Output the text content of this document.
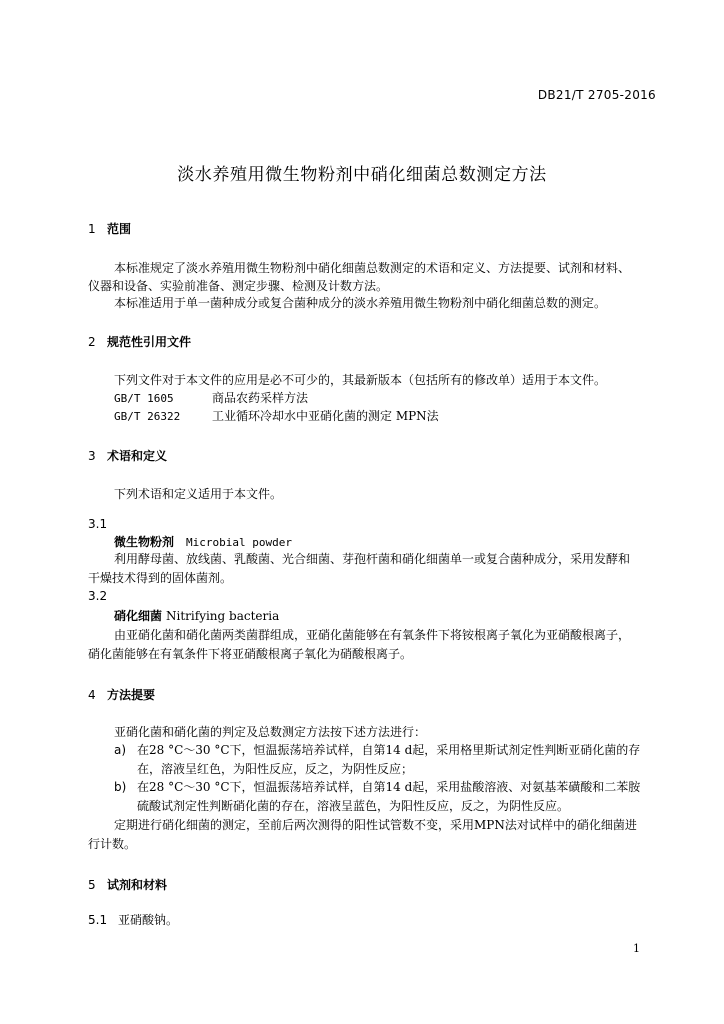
DB21/T 2705-2016
淡水养殖用微生物粉剂中硝化细菌总数测定方法
1 范围
本标准规定了淡水养殖用微生物粉剂中硝化细菌总数测定的术语和定义、方法提要、试剂和材料、
仪器和设备、实验前准备、测定步骤、检测及计数方法。
本标准适用于单一菌种成分或复合菌种成分的淡水养殖用微生物粉剂中硝化细菌总数的测定。
2 规范性引用文件
下列文件对于本文件的应用是必不可少的，其最新版本（包括所有的修改单）适用于本文件。
GB/T 1605	商品农药采样方法
GB/T 26322	工业循环冷却水中亚硝化菌的测定 MPN法
3 术语和定义
下列术语和定义适用于本文件。
3.1
微生物粉剂 Microbial powder
利用酵母菌、放线菌、乳酸菌、光合细菌、芽孢杆菌和硝化细菌单一或复合菌种成分，采用发酵和
干燥技术得到的固体菌剂。
3.2
硝化细菌 Nitrifying bacteria
由亚硝化菌和硝化菌两类菌群组成，亚硝化菌能够在有氧条件下将铵根离子氧化为亚硝酸根离子，
硝化菌能够在有氧条件下将亚硝酸根离子氧化为硝酸根离子。
4 方法提要
亚硝化菌和硝化菌的判定及总数测定方法按下述方法进行：
a) 在28 °C～30 °C下，恒温振荡培养试样，自第14 d起，采用格里斯试剂定性判断亚硝化菌的存
在，溶液呈红色，为阳性反应，反之，为阴性反应；
b) 在28 °C～30 °C下，恒温振荡培养试样，自第14 d起，采用盐酸溶液、对氨基苯磺酸和二苯胺
硫酸试剂定性判断硝化菌的存在，溶液呈蓝色，为阳性反应，反之，为阴性反应。
定期进行硝化细菌的测定，至前后两次测得的阳性试管数不变，采用MPN法对试样中的硝化细菌进
行计数。
5 试剂和材料
5.1 亚硝酸钠。
1
